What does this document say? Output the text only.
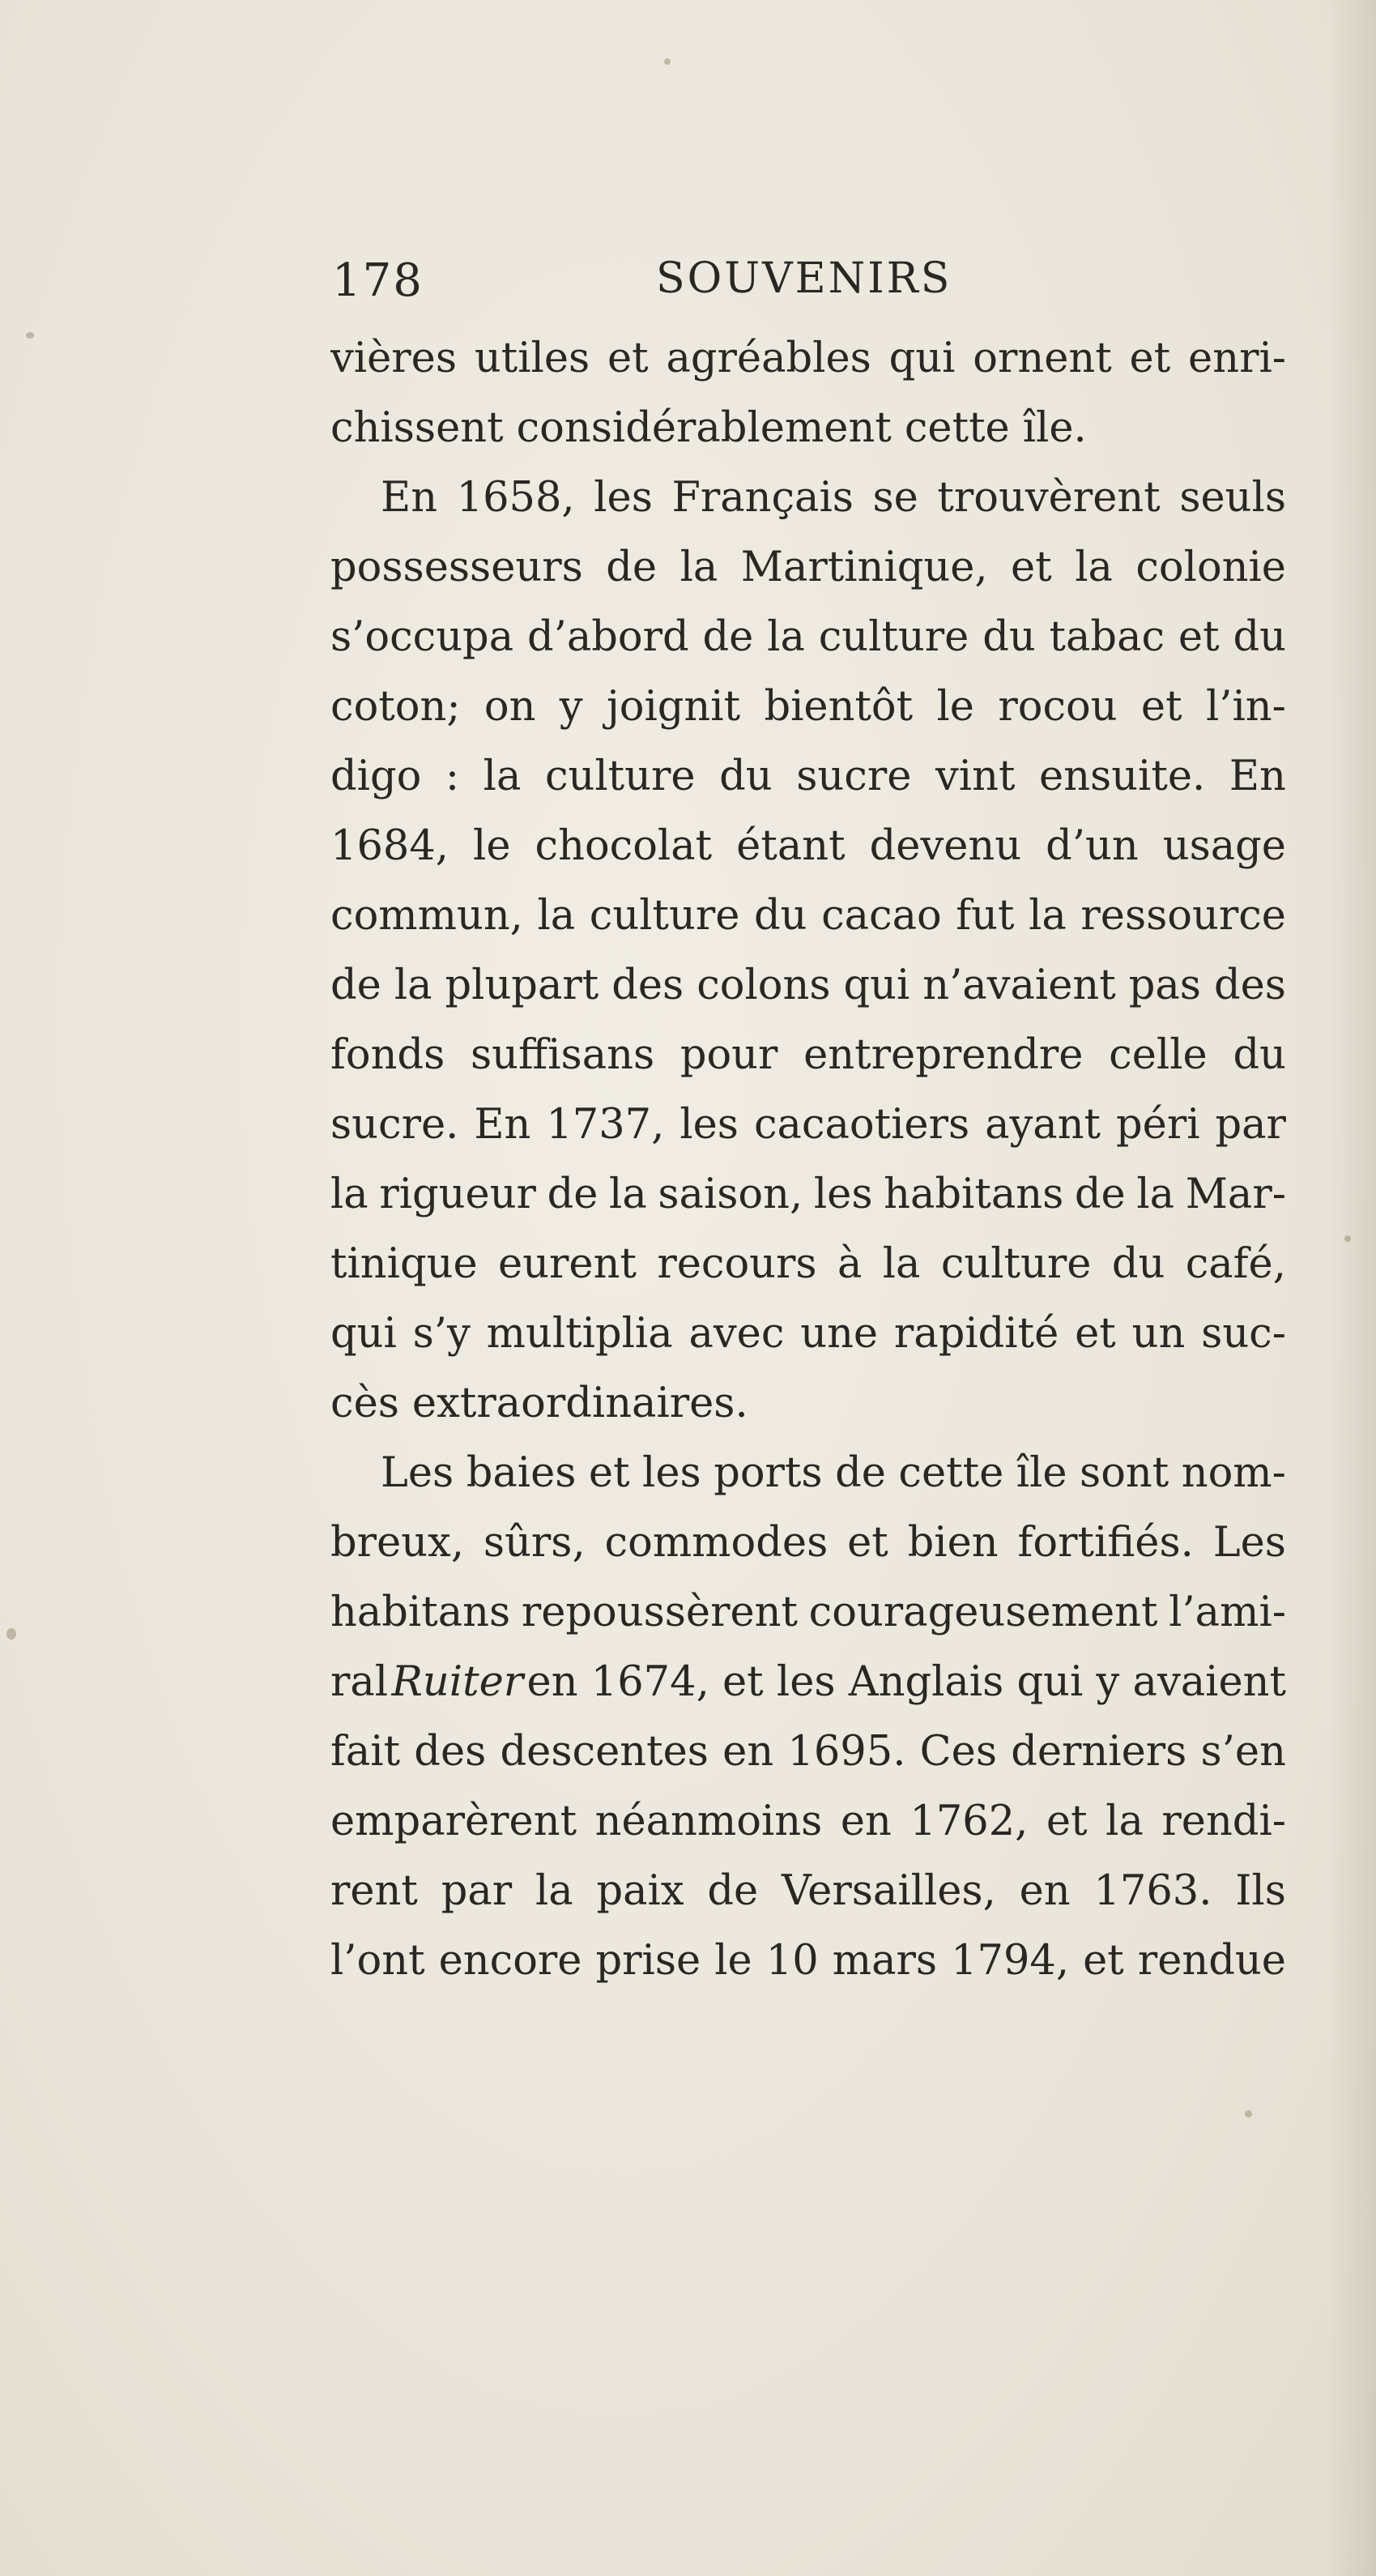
178	SOUVENIRS
vières utiles et agréables qui ornent et enri-
chissent considérablement cette île.
En 1658, les Français se trouvèrent seuls
possesseurs de la Martinique, et la colonie
s’occupa d’abord de la culture du tabac et du
coton; on y joignit bientôt le rocou et l’in-
digo : la culture du sucre vint ensuite. En
1684, le chocolat étant devenu d’un usage
commun, la culture du cacao fut la ressource
de la plupart des colons qui n’avaient pas des
fonds suffisans pour entreprendre celle du
sucre. En 1737, les cacaotiers ayant péri par
la rigueur de la saison, les habitans de la Mar-
tinique eurent recours à la culture du café,
qui s’y multiplia avec une rapidité et un suc-
cès extraordinaires.
Les baies et les ports de cette île sont nom-
breux, sûrs, commodes et bien fortifiés. Les
habitans repoussèrent courageusement l’ami-
ral Ruiter en 1674, et les Anglais qui y avaient
fait des descentes en 1695. Ces derniers s’en
emparèrent néanmoins en 1762, et la rendi-
rent par la paix de Versailles, en 1763. Ils
l’ont encore prise le 10 mars 1794, et rendue
